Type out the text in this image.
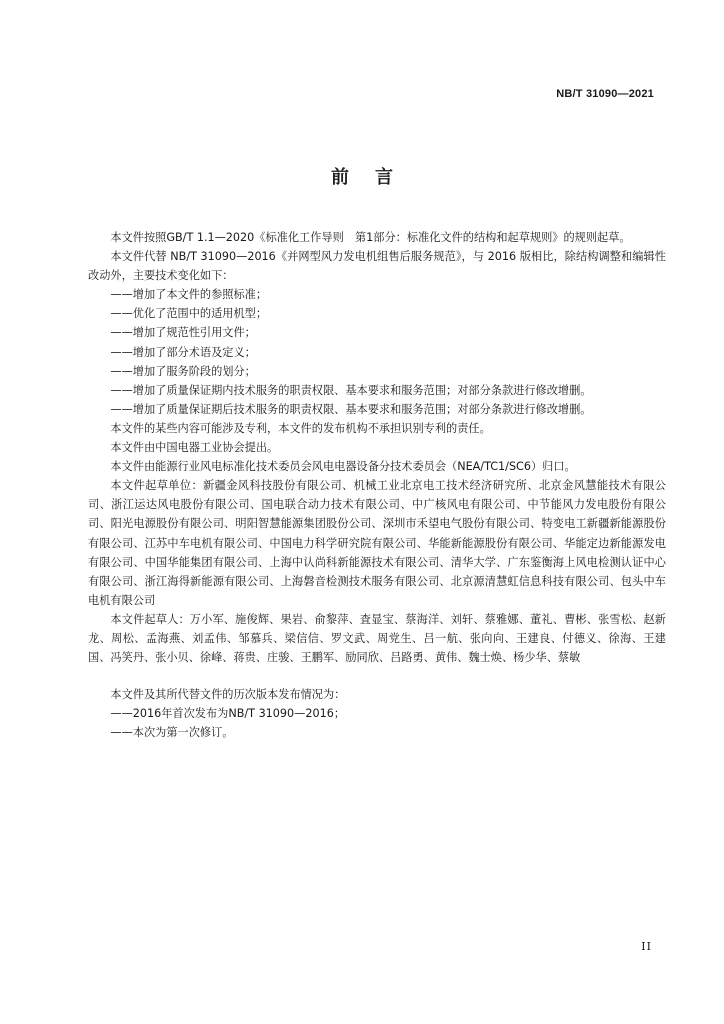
NB/T 31090—2021
前言

本文件按照GB/T 1.1—2020《标准化工作导则　第1部分：标准化文件的结构和起草规则》的规则起草。

本文件代替 NB/T 31090—2016《并网型风力发电机组售后服务规范》，与 2016 版相比，除结构调整和编辑性改动外，主要技术变化如下：

——增加了本文件的参照标准；

——优化了范围中的适用机型；

——增加了规范性引用文件；

——增加了部分术语及定义；

——增加了服务阶段的划分；

——增加了质量保证期内技术服务的职责权限、基本要求和服务范围；对部分条款进行修改增删。

——增加了质量保证期后技术服务的职责权限、基本要求和服务范围；对部分条款进行修改增删。

本文件的某些内容可能涉及专利，本文件的发布机构不承担识别专利的责任。

本文件由中国电器工业协会提出。

本文件由能源行业风电标准化技术委员会风电电器设备分技术委员会（NEA/TC1/SC6）归口。

本文件起草单位：新疆金风科技股份有限公司、机械工业北京电工技术经济研究所、北京金风慧能技术有限公司、浙江运达风电股份有限公司、国电联合动力技术有限公司、中广核风电有限公司、中节能风力发电股份有限公司、阳光电源股份有限公司、明阳智慧能源集团股份公司、深圳市禾望电气股份有限公司、特变电工新疆新能源股份有限公司、江苏中车电机有限公司、中国电力科学研究院有限公司、华能新能源股份有限公司、华能定边新能源发电有限公司、中国华能集团有限公司、上海中认尚科新能源技术有限公司、清华大学、广东鉴衡海上风电检测认证中心有限公司、浙江海得新能源有限公司、上海磐音检测技术服务有限公司、北京源清慧虹信息科技有限公司、包头中车电机有限公司

本文件起草人：万小军、施俊辉、果岩、俞黎萍、査显宝、蔡海洋、刘轩、蔡雅娜、董礼、曹彬、张雪松、赵新龙、周松、孟海燕、刘孟伟、邹慕兵、梁信信、罗文武、周党生、吕一航、张向向、王建良、付德义、徐海、王建国、冯笑丹、张小贝、徐峰、蒋贵、庄骏、王鹏军、励同欣、吕路勇、黄伟、魏士焕、杨少华、蔡敏

本文件及其所代替文件的历次版本发布情况为：

——2016年首次发布为NB/T 31090—2016；

——本次为第一次修订。

II
